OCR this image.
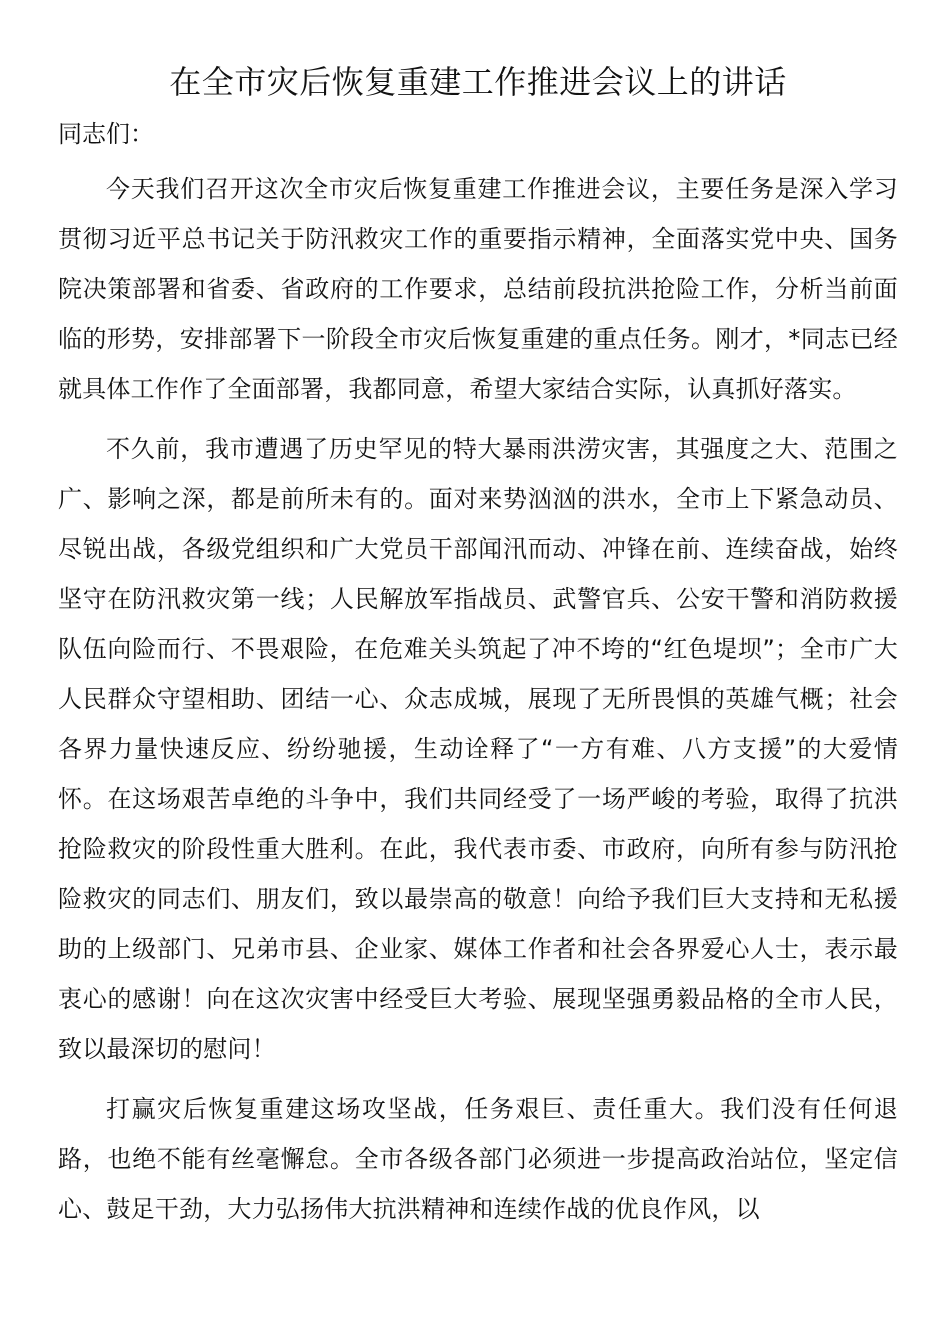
在全市灾后恢复重建工作推进会议上的讲话
同志们：

今天我们召开这次全市灾后恢复重建工作推进会议，主要任务是深入学习贯彻习近平总书记关于防汛救灾工作的重要指示精神，全面落实党中央、国务院决策部署和省委、省政府的工作要求，总结前段抗洪抢险工作，分析当前面临的形势，安排部署下一阶段全市灾后恢复重建的重点任务。刚才，*同志已经就具体工作作了全面部署，我都同意，希望大家结合实际，认真抓好落实。

不久前，我市遭遇了历史罕见的特大暴雨洪涝灾害，其强度之大、范围之广、影响之深，都是前所未有的。面对来势汹汹的洪水，全市上下紧急动员、尽锐出战，各级党组织和广大党员干部闻汛而动、冲锋在前、连续奋战，始终坚守在防汛救灾第一线；人民解放军指战员、武警官兵、公安干警和消防救援队伍向险而行、不畏艰险，在危难关头筑起了冲不垮的“红色堤坝”；全市广大人民群众守望相助、团结一心、众志成城，展现了无所畏惧的英雄气概；社会各界力量快速反应、纷纷驰援，生动诠释了“一方有难、八方支援”的大爱情怀。在这场艰苦卓绝的斗争中，我们共同经受了一场严峻的考验，取得了抗洪抢险救灾的阶段性重大胜利。在此，我代表市委、市政府，向所有参与防汛抢险救灾的同志们、朋友们，致以最崇高的敬意！向给予我们巨大支持和无私援助的上级部门、兄弟市县、企业家、媒体工作者和社会各界爱心人士，表示最衷心的感谢！向在这次灾害中经受巨大考验、展现坚强勇毅品格的全市人民，致以最深切的慰问！

打赢灾后恢复重建这场攻坚战，任务艰巨、责任重大。我们没有任何退路，也绝不能有丝毫懈怠。全市各级各部门必须进一步提高政治站位，坚定信心、鼓足干劲，大力弘扬伟大抗洪精神和连续作战的优良作风，以
